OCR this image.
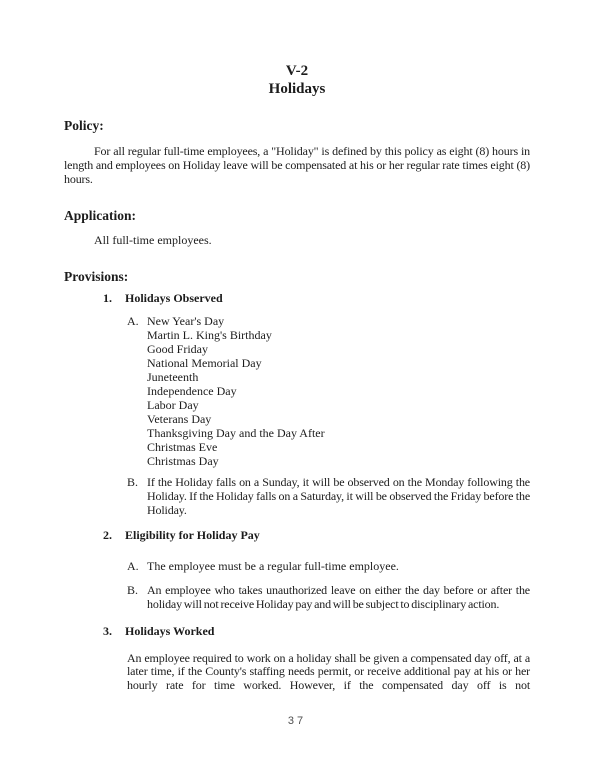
V-2
Holidays

Policy:

For all regular full-time employees, a "Holiday" is defined by this policy as eight (8) hours in length and employees on Holiday leave will be compensated at his or her regular rate times eight (8) hours.

Application:

All full-time employees.

Provisions:

1.	Holidays Observed
A. New Year's Day
Martin L. King's Birthday
Good Friday
National Memorial Day
Juneteenth
Independence Day
Labor Day
Veterans Day
Thanksgiving Day and the Day After
Christmas Eve
Christmas Day
B. If the Holiday falls on a Sunday, it will be observed on the Monday following the Holiday. If the Holiday falls on a Saturday, it will be observed the Friday before the Holiday.
2.	Eligibility for Holiday Pay
A. The employee must be a regular full-time employee.
B. An employee who takes unauthorized leave on either the day before or after the holiday will not receive Holiday pay and will be subject to disciplinary action.
3.	Holidays Worked

An employee required to work on a holiday shall be given a compensated day off, at a later time, if the County's staffing needs permit, or receive additional pay at his or her hourly rate for time worked. However, if the compensated day off is not

37
